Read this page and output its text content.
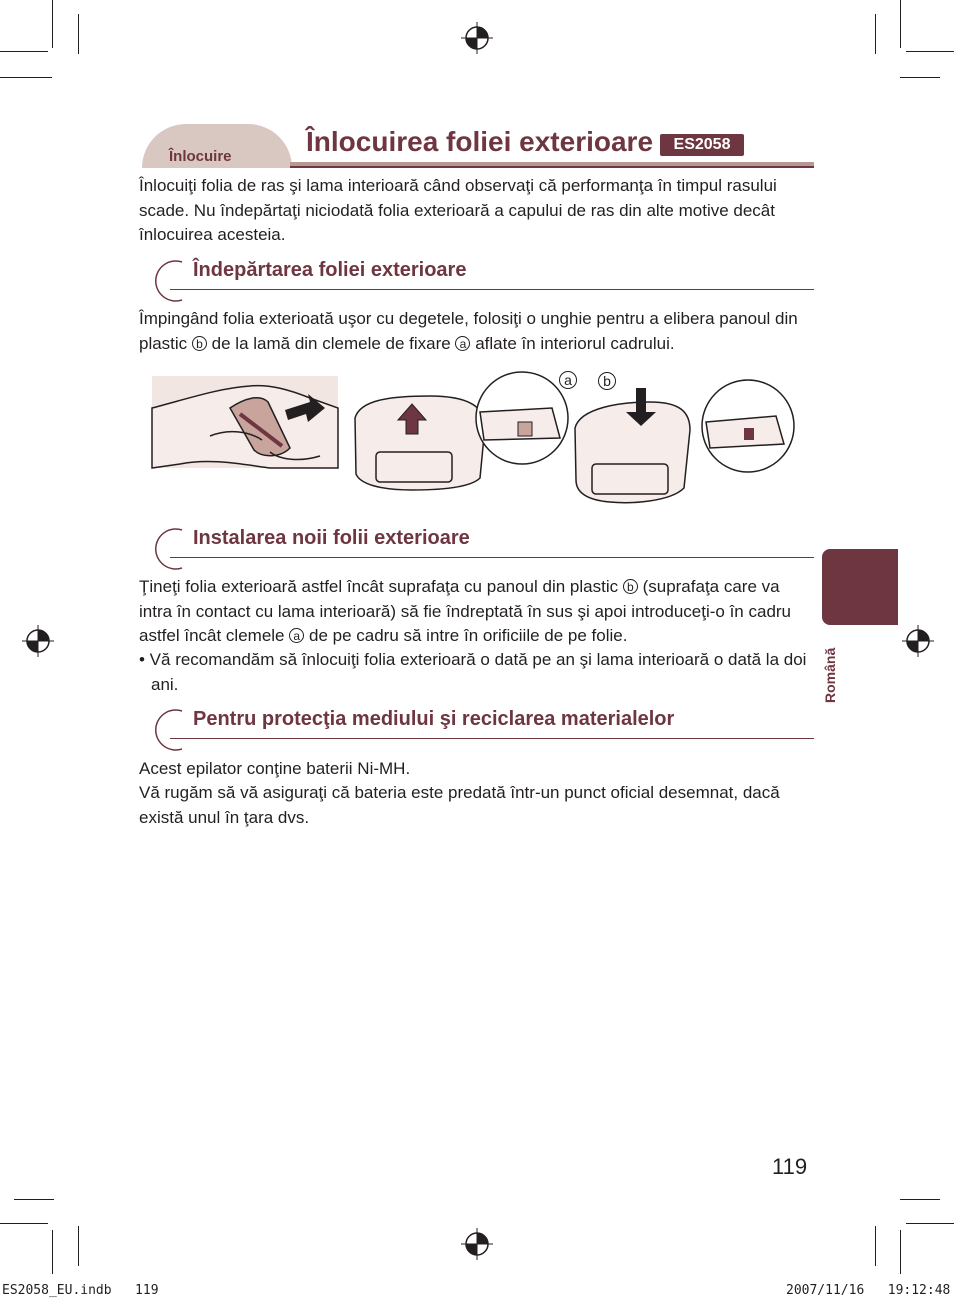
Înlocuire	Înlocuirea foliei exterioare	ES2058
Înlocuiţi folia de ras şi lama interioară când observaţi că performanţa în timpul rasului scade. Nu îndepărtaţi niciodată folia exterioară a capului de ras din alte motive decât înlocuirea acesteia.
Îndepărtarea foliei exterioare
Împingând folia exterioată uşor cu degetele, folosiţi o unghie pentru a elibera panoul din plastic b de la lamă din clemele de fixare a aflate în interiorul cadrului.
a	b
Instalarea noii folii exterioare
Ţineţi folia exterioară astfel încât suprafaţa cu panoul din plastic b (suprafaţa care va intra în contact cu lama interioară) să fie îndreptată în sus şi apoi introduceţi-o în cadru astfel încât clemele a de pe cadru să intre în orificiile de pe folie.
• Vă recomandăm să înlocuiţi folia exterioară o dată pe an şi lama interioară o dată la doi ani.
Pentru protecţia mediului şi reciclarea materialelor
Acest epilator conţine baterii Ni-MH.
Vă rugăm să vă asiguraţi că bateria este predată într-un punct oficial desemnat, dacă există unul în ţara dvs.
Română
119
ES2058_EU.indb   119	2007/11/16   19:12:48
